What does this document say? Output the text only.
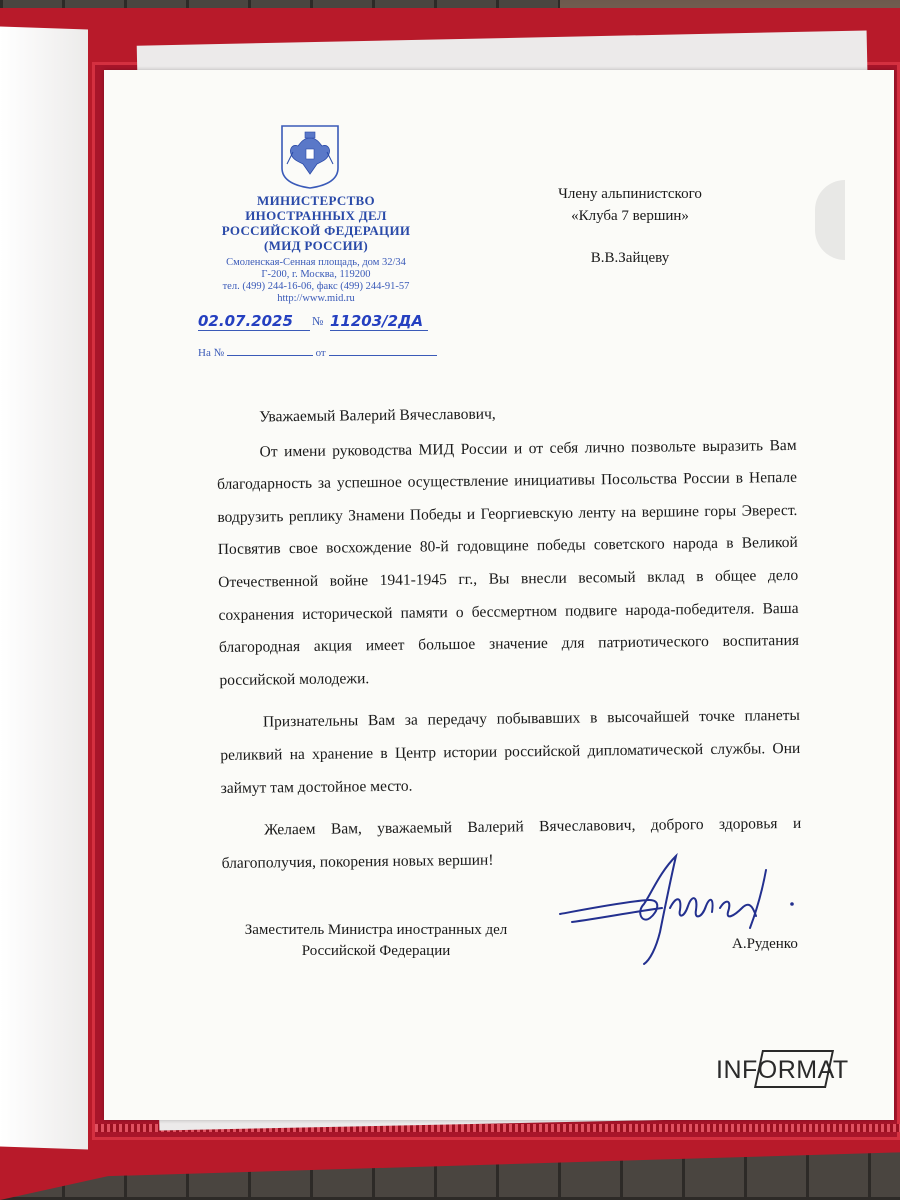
МИНИСТЕРСТВО
ИНОСТРАННЫХ ДЕЛ
РОССИЙСКОЙ ФЕДЕРАЦИИ
(МИД РОССИИ)
Смоленская-Сенная площадь, дом 32/34
Г-200, г. Москва, 119200
тел. (499) 244-16-06, факс (499) 244-91-57
http://www.mid.ru
02.07.2025	№ 11203/2ДА
На №	от
Члену альпинистского
«Клуба 7 вершин»
В.В.Зайцеву

Уважаемый Валерий Вячеславович,

От имени руководства МИД России и от себя лично позвольте выразить Вам благодарность за успешное осуществление инициативы Посольства России в Непале водрузить реплику Знамени Победы и Георгиевскую ленту на вершине горы Эверест. Посвятив свое восхождение 80-й годовщине победы советского народа в Великой Отечественной войне 1941-1945 гг., Вы внесли весомый вклад в общее дело сохранения исторической памяти о бессмертном подвиге народа-победителя. Ваша благородная акция имеет большое значение для патриотического воспитания российской молодежи.

Признательны Вам за передачу побывавших в высочайшей точке планеты реликвий на хранение в Центр истории российской дипломатической службы. Они займут там достойное место.

Желаем Вам, уважаемый Валерий Вячеславович, доброго здоровья и благополучия, покорения новых вершин!

Заместитель Министра иностранных дел
Российской Федерации	А.Руденко
INFORMAT
